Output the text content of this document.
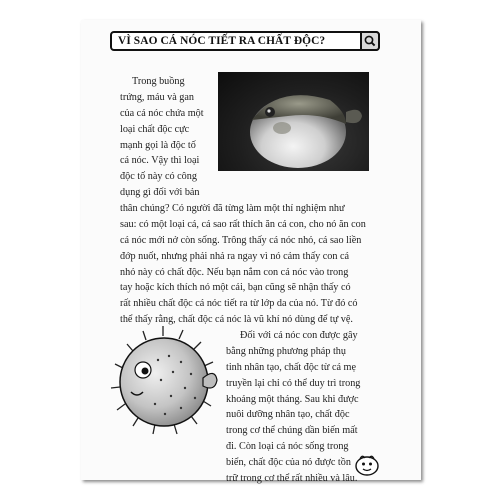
VÌ SAO CÁ NÓC TIẾT RA CHẤT ĐỘC?
Trong buồng
trứng, máu và gan
của cá nóc chứa một
loại chất độc cực
mạnh gọi là độc tố
cá nóc. Vậy thì loại
độc tố này có công
dụng gì đối với bản
thân chúng? Có người đã từng làm một thí nghiệm như
sau: có một loại cá, cá sao rất thích ăn cá con, cho nó ăn con
cá nóc mới nở còn sống. Trông thấy cá nóc nhỏ, cá sao liền
đớp nuốt, nhưng phải nhả ra ngay vì nó cảm thấy con cá
nhỏ này có chất độc. Nếu bạn nắm con cá nóc vào trong
tay hoặc kích thích nó một cái, bạn cũng sẽ nhận thấy có
rất nhiều chất độc cá nóc tiết ra từ lớp da của nó. Từ đó có
thể thấy rằng, chất độc cá nóc là vũ khí nó dùng để tự vệ.
Đối với cá nóc con được gây
bằng những phương pháp thụ
tinh nhân tạo, chất độc từ cá mẹ
truyền lại chỉ có thể duy trì trong
khoảng một tháng. Sau khi được
nuôi dưỡng nhân tạo, chất độc
trong cơ thể chúng dần biến mất
đi. Còn loại cá nóc sống trong
biển, chất độc của nó được tồn
trữ trong cơ thể rất nhiều và lâu.
